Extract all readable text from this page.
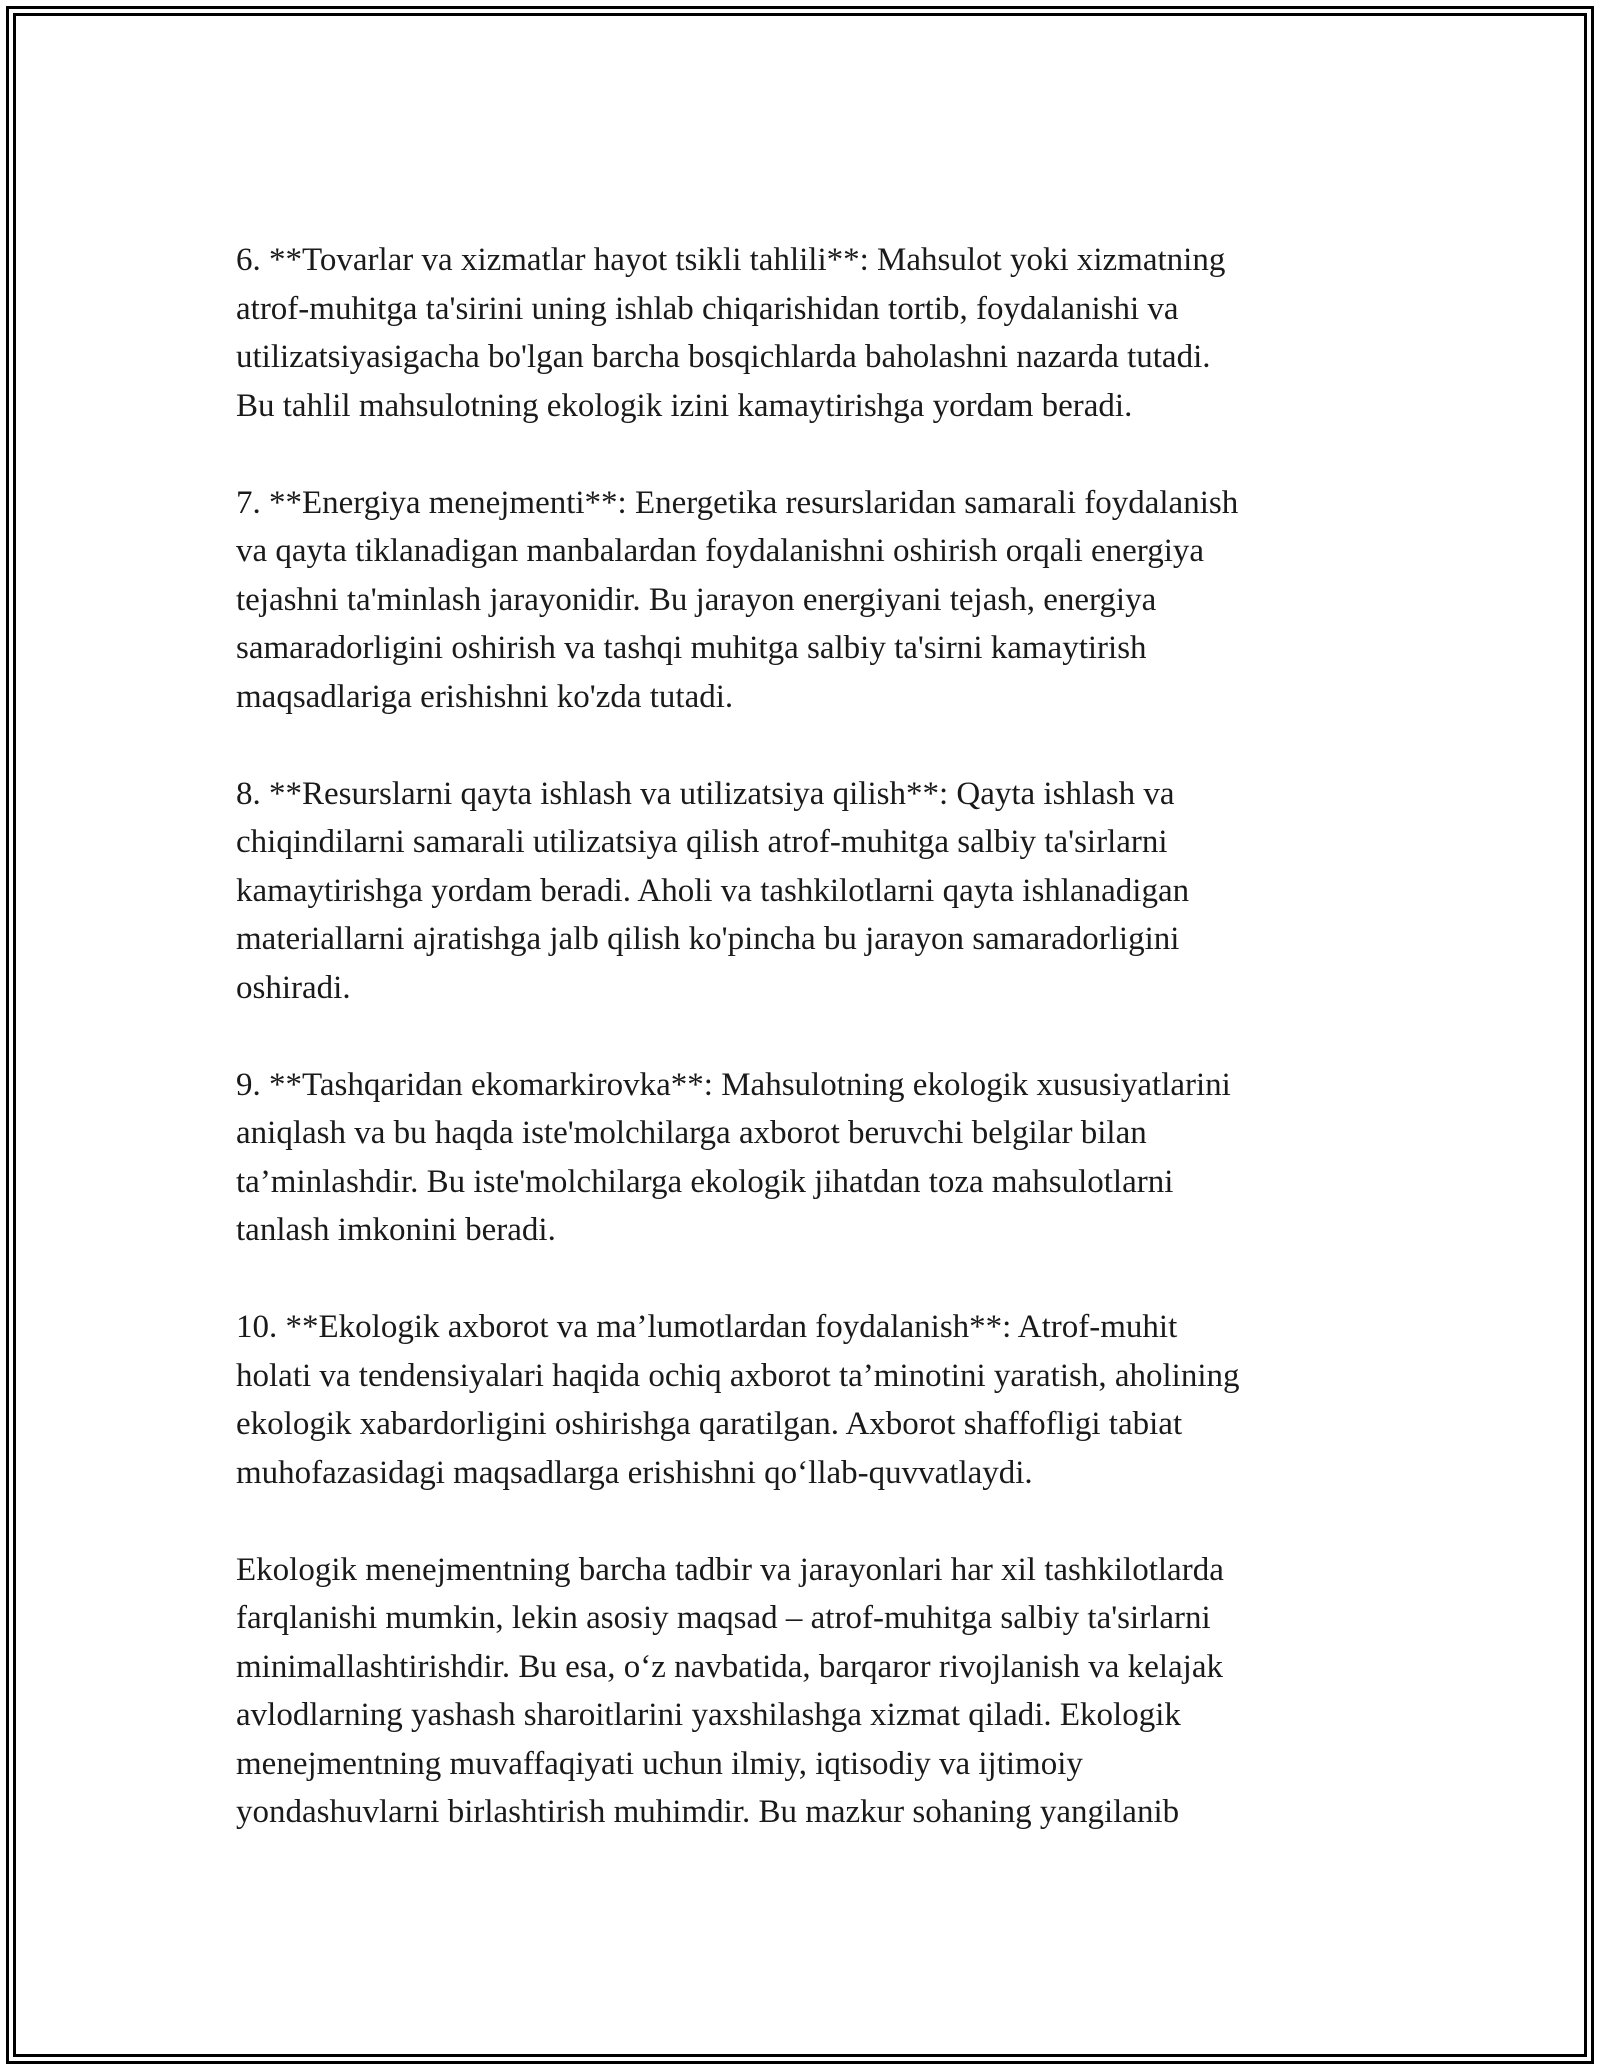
6. **Tovarlar va xizmatlar hayot tsikli tahlili**: Mahsulot yoki xizmatning
atrof-muhitga ta'sirini uning ishlab chiqarishidan tortib, foydalanishi va
utilizatsiyasigacha bo'lgan barcha bosqichlarda baholashni nazarda tutadi.
Bu tahlil mahsulotning ekologik izini kamaytirishga yordam beradi.

7. **Energiya menejmenti**: Energetika resurslaridan samarali foydalanish
va qayta tiklanadigan manbalardan foydalanishni oshirish orqali energiya
tejashni ta'minlash jarayonidir. Bu jarayon energiyani tejash, energiya
samaradorligini oshirish va tashqi muhitga salbiy ta'sirni kamaytirish
maqsadlariga erishishni ko'zda tutadi.

8. **Resurslarni qayta ishlash va utilizatsiya qilish**: Qayta ishlash va
chiqindilarni samarali utilizatsiya qilish atrof-muhitga salbiy ta'sirlarni
kamaytirishga yordam beradi. Aholi va tashkilotlarni qayta ishlanadigan
materiallarni ajratishga jalb qilish ko'pincha bu jarayon samaradorligini
oshiradi.

9. **Tashqaridan ekomarkirovka**: Mahsulotning ekologik xususiyatlarini
aniqlash va bu haqda iste'molchilarga axborot beruvchi belgilar bilan
ta’minlashdir. Bu iste'molchilarga ekologik jihatdan toza mahsulotlarni
tanlash imkonini beradi.

10. **Ekologik axborot va ma’lumotlardan foydalanish**: Atrof-muhit
holati va tendensiyalari haqida ochiq axborot ta’minotini yaratish, aholining
ekologik xabardorligini oshirishga qaratilgan. Axborot shaffofligi tabiat
muhofazasidagi maqsadlarga erishishni qo‘llab-quvvatlaydi.

Ekologik menejmentning barcha tadbir va jarayonlari har xil tashkilotlarda
farqlanishi mumkin, lekin asosiy maqsad – atrof-muhitga salbiy ta'sirlarni
minimallashtirishdir. Bu esa, o‘z navbatida, barqaror rivojlanish va kelajak
avlodlarning yashash sharoitlarini yaxshilashga xizmat qiladi. Ekologik
menejmentning muvaffaqiyati uchun ilmiy, iqtisodiy va ijtimoiy
yondashuvlarni birlashtirish muhimdir. Bu mazkur sohaning yangilanib
